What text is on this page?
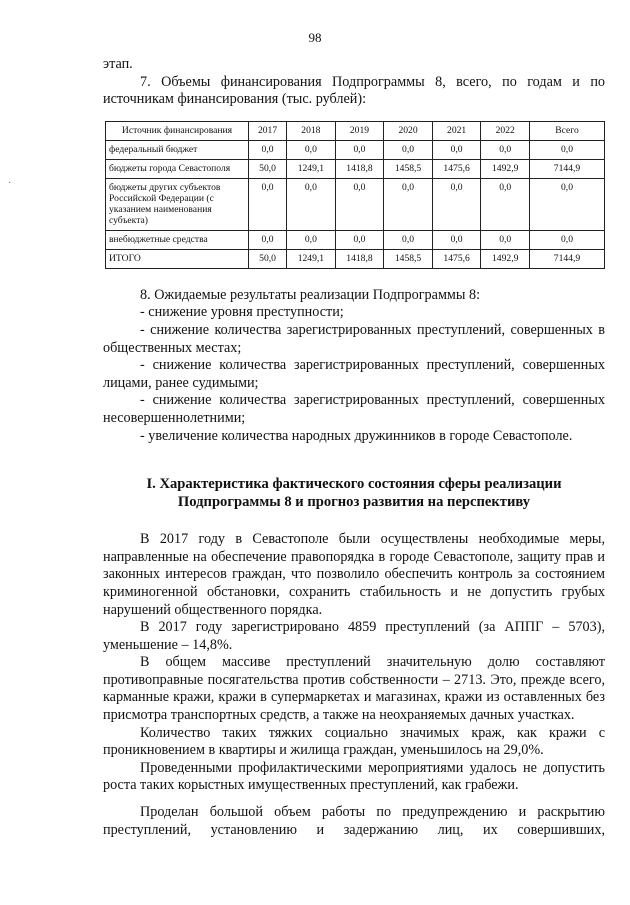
98
·

этап.

7. Объемы финансирования Подпрограммы 8, всего, по годам и по источникам финансирования (тыс. рублей):

Источник финансирования	2017	2018	2019	2020	2021	2022	Всего
федеральный бюджет	0,0	0,0	0,0	0,0	0,0	0,0	0,0
бюджеты города Севастополя	50,0	1249,1	1418,8	1458,5	1475,6	1492,9	7144,9
бюджеты других субъектов Российской Федерации (с указанием наименования субъекта)	0,0	0,0	0,0	0,0	0,0	0,0	0,0
внебюджетные средства	0,0	0,0	0,0	0,0	0,0	0,0	0,0
ИТОГО	50,0	1249,1	1418,8	1458,5	1475,6	1492,9	7144,9

8. Ожидаемые результаты реализации Подпрограммы 8:

- снижение уровня преступности;

- снижение количества зарегистрированных преступлений, совершенных в общественных местах;

- снижение количества зарегистрированных преступлений, совершенных лицами, ранее судимыми;

- снижение количества зарегистрированных преступлений, совершенных несовершеннолетними;

- увеличение количества народных дружинников в городе Севастополе.

I. Характеристика фактического состояния сферы реализации
Подпрограммы 8 и прогноз развития на перспективу

В 2017 году в Севастополе были осуществлены необходимые меры, направленные на обеспечение правопорядка в городе Севастополе, защиту прав и законных интересов граждан, что позволило обеспечить контроль за состоянием криминогенной обстановки, сохранить стабильность и не допустить грубых нарушений общественного порядка.

В 2017 году зарегистрировано 4859 преступлений (за АППГ – 5703), уменьшение – 14,8%.

В общем массиве преступлений значительную долю составляют противоправные посягательства против собственности – 2713. Это, прежде всего, карманные кражи, кражи в супермаркетах и магазинах, кражи из оставленных без присмотра транспортных средств, а также на неохраняемых дачных участках.

Количество таких тяжких социально значимых краж, как кражи с проникновением в квартиры и жилища граждан, уменьшилось на 29,0%.

Проведенными профилактическими мероприятиями удалось не допустить роста таких корыстных имущественных преступлений, как грабежи.

Проделан большой объем работы по предупреждению и раскрытию преступлений, установлению и задержанию лиц, их совершивших,
